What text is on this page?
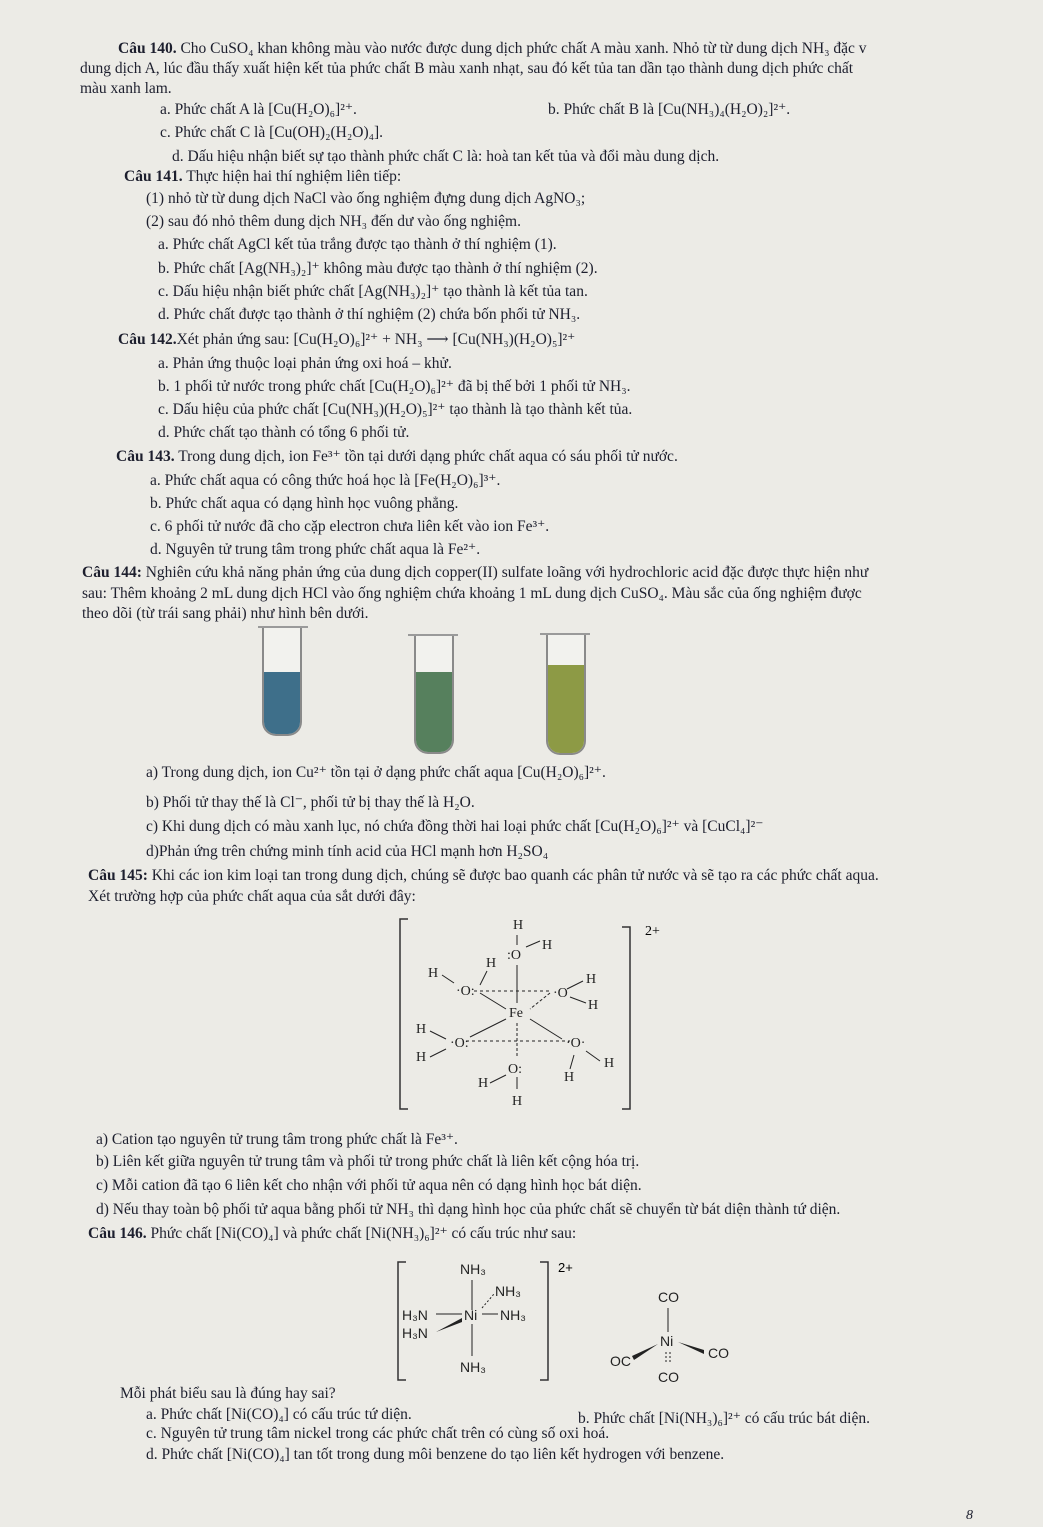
Câu 140. Cho CuSO₄ khan không màu vào nước được dung dịch phức chất A màu xanh. Nhỏ từ từ dung dịch NH₃ đặc v
dung dịch A, lúc đầu thấy xuất hiện kết tủa phức chất B màu xanh nhạt, sau đó kết tủa tan dần tạo thành dung dịch phức chất
màu xanh lam.
a. Phức chất A là [Cu(H₂O)₆]²⁺.	b. Phức chất B là [Cu(NH₃)₄(H₂O)₂]²⁺.
c. Phức chất C là [Cu(OH)₂(H₂O)₄].
d. Dấu hiệu nhận biết sự tạo thành phức chất C là: hoà tan kết tủa và đổi màu dung dịch.
Câu 141. Thực hiện hai thí nghiệm liên tiếp:
(1) nhỏ từ từ dung dịch NaCl vào ống nghiệm đựng dung dịch AgNO₃;
(2) sau đó nhỏ thêm dung dịch NH₃ đến dư vào ống nghiệm.
a. Phức chất AgCl kết tủa trắng được tạo thành ở thí nghiệm (1).
b. Phức chất [Ag(NH₃)₂]⁺ không màu được tạo thành ở thí nghiệm (2).
c. Dấu hiệu nhận biết phức chất [Ag(NH₃)₂]⁺ tạo thành là kết tủa tan.
d. Phức chất được tạo thành ở thí nghiệm (2) chứa bốn phối tử NH₃.
Câu 142.Xét phản ứng sau: [Cu(H₂O)₆]²⁺ + NH₃ ⟶ [Cu(NH₃)(H₂O)₅]²⁺
a. Phản ứng thuộc loại phản ứng oxi hoá – khử.
b. 1 phối tử nước trong phức chất [Cu(H₂O)₆]²⁺ đã bị thế bởi 1 phối tử NH₃.
c. Dấu hiệu của phức chất [Cu(NH₃)(H₂O)₅]²⁺ tạo thành là tạo thành kết tủa.
d. Phức chất tạo thành có tổng 6 phối tử.
Câu 143. Trong dung dịch, ion Fe³⁺ tồn tại dưới dạng phức chất aqua có sáu phối tử nước.
a. Phức chất aqua có công thức hoá học là [Fe(H₂O)₆]³⁺.
b. Phức chất aqua có dạng hình học vuông phẳng.
c. 6 phối tử nước đã cho cặp electron chưa liên kết vào ion Fe³⁺.
d. Nguyên tử trung tâm trong phức chất aqua là Fe²⁺.
Câu 144: Nghiên cứu khả năng phản ứng của dung dịch copper(II) sulfate loãng với hydrochloric acid đặc được thực hiện như
sau: Thêm khoảng 2 mL dung dịch HCl vào ống nghiệm chứa khoảng 1 mL dung dịch CuSO₄. Màu sắc của ống nghiệm được
theo dõi (từ trái sang phải) như hình bên dưới.
a) Trong dung dịch, ion Cu²⁺ tồn tại ở dạng phức chất aqua [Cu(H₂O)₆]²⁺.
b) Phối tử thay thế là Cl⁻, phối tử bị thay thế là H₂O.
c) Khi dung dịch có màu xanh lục, nó chứa đồng thời hai loại phức chất [Cu(H₂O)₆]²⁺ và [CuCl₄]²⁻
d)Phản ứng trên chứng minh tính acid của HCl mạnh hơn H₂SO₄
Câu 145: Khi các ion kim loại tan trong dung dịch, chúng sẽ được bao quanh các phân tử nước và sẽ tạo ra các phức chất aqua.
Xét trường hợp của phức chất aqua của sắt dưới đây:
2+
H
H
:O
H
H
·O:	·O
H
H
Fe
H
·O:
H
·O·
H
H
O:
H
H
a) Cation tạo nguyên tử trung tâm trong phức chất là Fe³⁺.
b) Liên kết giữa nguyên tử trung tâm và phối tử trong phức chất là liên kết cộng hóa trị.
c) Mỗi cation đã tạo 6 liên kết cho nhận với phối tử aqua nên có dạng hình học bát diện.
d) Nếu thay toàn bộ phối tử aqua bằng phối tử NH₃ thì dạng hình học của phức chất sẽ chuyển từ bát diện thành tứ diện.
Câu 146. Phức chất [Ni(CO)₄] và phức chất [Ni(NH₃)₆]²⁺ có cấu trúc như sau:
2+
NH₃
NH₃
H₃N	Ni NH₃
H₃N
NH₃
CO
Ni
CO
OC
CO
Mỗi phát biểu sau là đúng hay sai?
a. Phức chất [Ni(CO)₄] có cấu trúc tứ diện.	b. Phức chất [Ni(NH₃)₆]²⁺ có cấu trúc bát diện.
c. Nguyên tử trung tâm nickel trong các phức chất trên có cùng số oxi hoá.
d. Phức chất [Ni(CO)₄] tan tốt trong dung môi benzene do tạo liên kết hydrogen với benzene.
8
